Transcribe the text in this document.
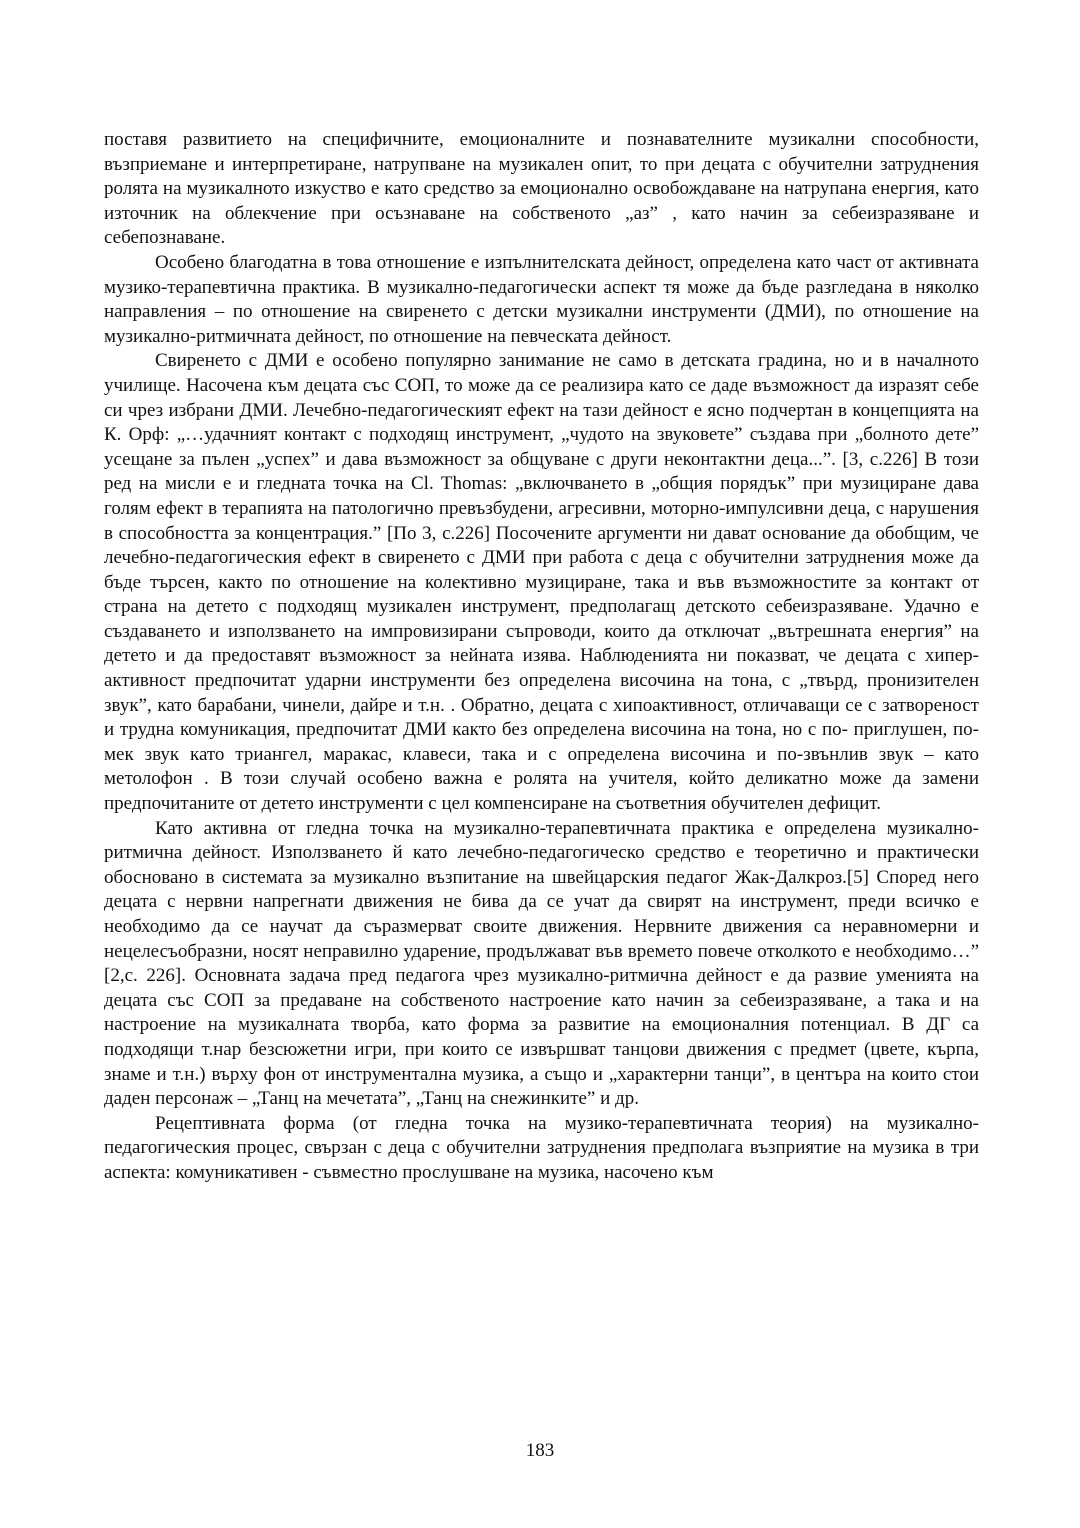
поставя развитието на специфичните, емоционалните и познавателните музикални способности, възприемане и интерпретиране, натрупване на музикален опит, то при децата с обучителни затруднения ролята на музикалното изкуство е като средство за емоционално освобождаване на натрупана енергия, като източник на облекчение при осъзнаване на собственото „аз” , като начин за себеизразяване и себепознаване.

Особено благодатна в това отношение е изпълнителската дейност, определена като част от активната музико-терапевтична практика. В музикално-педагогически аспект тя може да бъде разгледана в няколко направления – по отношение на свиренето с детски музикални инструменти (ДМИ), по отношение на музикално-ритмичната дейност, по отношение на певческата дейност.

Свиренето с ДМИ е особено популярно занимание не само в детската градина, но и в началното училище. Насочена към децата със СОП, то може да се реализира като се даде възможност да изразят себе си чрез избрани ДМИ. Лечебно-педагогическият ефект на тази дейност е ясно подчертан в концепцията на К. Орф: „…удачният контакт с подходящ инструмент, „чудото на звуковете” създава при „болното дете” усещане за пълен „успех” и дава възможност за общуване с други неконтактни деца...”. [3, с.226] В този ред на мисли е и гледната точка на Cl. Thomas: „включването в „общия порядък” при музициране дава голям ефект в терапията на патологично превъзбудени, агресивни, моторно-импулсивни деца, с нарушения в способността за концентрация.” [По 3, с.226] Посочените аргументи ни дават основание да обобщим, че лечебно-педагогическия ефект в свиренето с ДМИ при работа с деца с обучителни затруднения може да бъде търсен, както по отношение на колективно музициране, така и във възможностите за контакт от страна на детето с подходящ музикален инструмент, предполагащ детското себеизразяване. Удачно е създаването и използването на импровизирани съпроводи, които да отключат „вътрешната енергия” на детето и да предоставят възможност за нейната изява. Наблюденията ни показват, че децата с хиперактивност предпочитат ударни инструменти без определена височина на тона, с „твърд, пронизителен звук”, като барабани, чинели, дайре и т.н. . Обратно, децата с хипоактивност, отличаващи се с затвореност и трудна комуникация, предпочитат ДМИ както без определена височина на тона, но с по- приглушен, по-мек звук като триангел, маракас, клавеси, така и с определена височина и по-звънлив звук – като метолофон . В този случай особено важна е ролята на учителя, който деликатно може да замени предпочитаните от детето инструменти с цел компенсиране на съответния обучителен дефицит.

Като активна от гледна точка на музикално-терапевтичната практика е определена музикално-ритмична дейност. Използването й като лечебно-педагогическо средство е теоретично и практически обосновано в системата за музикално възпитание на швейцарския педагог Жак-Далкроз.[5] Според него децата с нервни напрегнати движения не бива да се учат да свирят на инструмент, преди всичко е необходимо да се научат да съразмерват своите движения. Нервните движения са неравномерни и нецелесъобразни, носят неправилно ударение, продължават във времето повече отколкото е необходимо…” [2,с. 226]. Основната задача пред педагога чрез музикално-ритмична дейност е да развие уменията на децата със СОП за предаване на собственото настроение като начин за себеизразяване, а така и на настроение на музикалната творба, като форма за развитие на емоционалния потенциал. В ДГ са подходящи т.нар безсюжетни игри, при които се извършват танцови движения с предмет (цвете, кърпа, знаме и т.н.) върху фон от инструментална музика, а също и „характерни танци”, в центъра на които стои даден персонаж – „Танц на мечетата”, „Танц на снежинките” и др.

Рецептивната форма (от гледна точка на музико-терапевтичната теория) на музикално-педагогическия процес, свързан с деца с обучителни затруднения предполага възприятие на музика в три аспекта: комуникативен - съвместно прослушване на музика, насочено към

183
